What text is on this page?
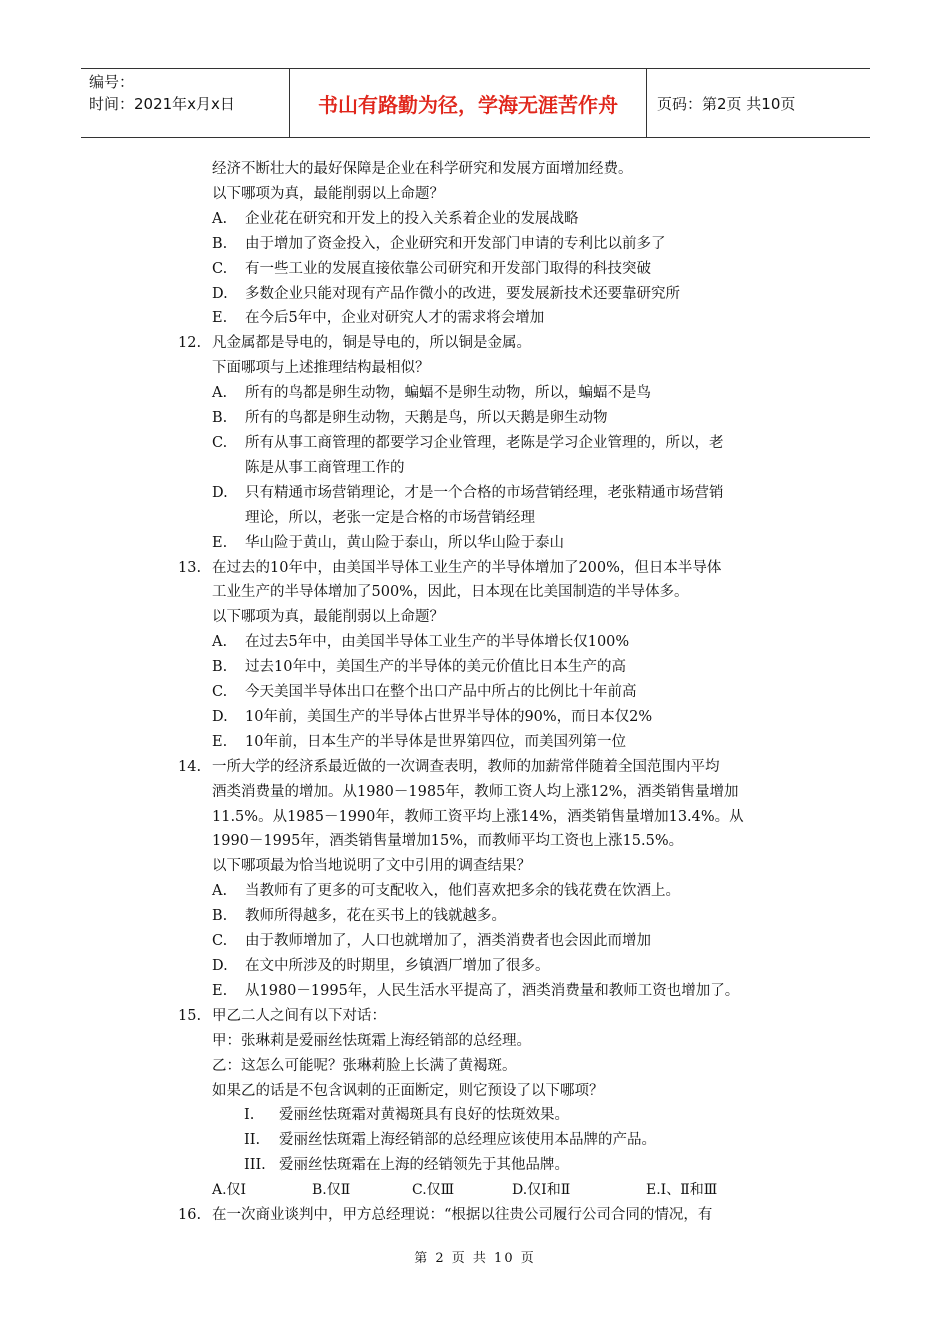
编号：
时间：2021年x月x日	书山有路勤为径，学海无涯苦作舟	页码：第2页 共10页
经济不断壮大的最好保障是企业在科学研究和发展方面增加经费。
以下哪项为真，最能削弱以上命题？
A. 企业花在研究和开发上的投入关系着企业的发展战略
B. 由于增加了资金投入，企业研究和开发部门申请的专利比以前多了
C. 有一些工业的发展直接依靠公司研究和开发部门取得的科技突破
D. 多数企业只能对现有产品作微小的改进，要发展新技术还要靠研究所
E. 在今后5年中，企业对研究人才的需求将会增加
12. 凡金属都是导电的，铜是导电的，所以铜是金属。
下面哪项与上述推理结构最相似？
A. 所有的鸟都是卵生动物，蝙蝠不是卵生动物，所以，蝙蝠不是鸟
B. 所有的鸟都是卵生动物，天鹅是鸟，所以天鹅是卵生动物
C. 所有从事工商管理的都要学习企业管理，老陈是学习企业管理的，所以，老
陈是从事工商管理工作的
D. 只有精通市场营销理论，才是一个合格的市场营销经理，老张精通市场营销
理论，所以，老张一定是合格的市场营销经理
E. 华山险于黄山，黄山险于泰山，所以华山险于泰山
13. 在过去的10年中，由美国半导体工业生产的半导体增加了200%，但日本半导体
工业生产的半导体增加了500%，因此，日本现在比美国制造的半导体多。
以下哪项为真，最能削弱以上命题？
A. 在过去5年中，由美国半导体工业生产的半导体增长仅100%
B. 过去10年中，美国生产的半导体的美元价值比日本生产的高
C. 今天美国半导体出口在整个出口产品中所占的比例比十年前高
D. 10年前，美国生产的半导体占世界半导体的90%，而日本仅2%
E. 10年前，日本生产的半导体是世界第四位，而美国列第一位
14. 一所大学的经济系最近做的一次调查表明，教师的加薪常伴随着全国范围内平均
酒类消费量的增加。从1980－1985年，教师工资人均上涨12%，酒类销售量增加
11.5%。从1985－1990年，教师工资平均上涨14%，酒类销售量增加13.4%。从
1990－1995年，酒类销售量增加15%，而教师平均工资也上涨15.5%。
以下哪项最为恰当地说明了文中引用的调查结果？
A. 当教师有了更多的可支配收入，他们喜欢把多余的钱花费在饮酒上。
B. 教师所得越多，花在买书上的钱就越多。
C. 由于教师增加了，人口也就增加了，酒类消费者也会因此而增加
D. 在文中所涉及的时期里，乡镇酒厂增加了很多。
E. 从1980－1995年，人民生活水平提高了，酒类消费量和教师工资也增加了。
15. 甲乙二人之间有以下对话：
甲：张琳莉是爱丽丝怯斑霜上海经销部的总经理。
乙：这怎么可能呢？张琳莉脸上长满了黄褐斑。
如果乙的话是不包含讽刺的正面断定，则它预设了以下哪项？
I. 爱丽丝怯斑霜对黄褐斑具有良好的怯斑效果。
II. 爱丽丝怯斑霜上海经销部的总经理应该使用本品牌的产品。
III. 爱丽丝怯斑霜在上海的经销领先于其他品牌。
A.仅Ⅰ	B.仅Ⅱ	C.仅Ⅲ	D.仅Ⅰ和Ⅱ	E.Ⅰ、Ⅱ和Ⅲ
16. 在一次商业谈判中，甲方总经理说：“根据以往贵公司履行公司合同的情况，有
第 2 页 共 10 页
